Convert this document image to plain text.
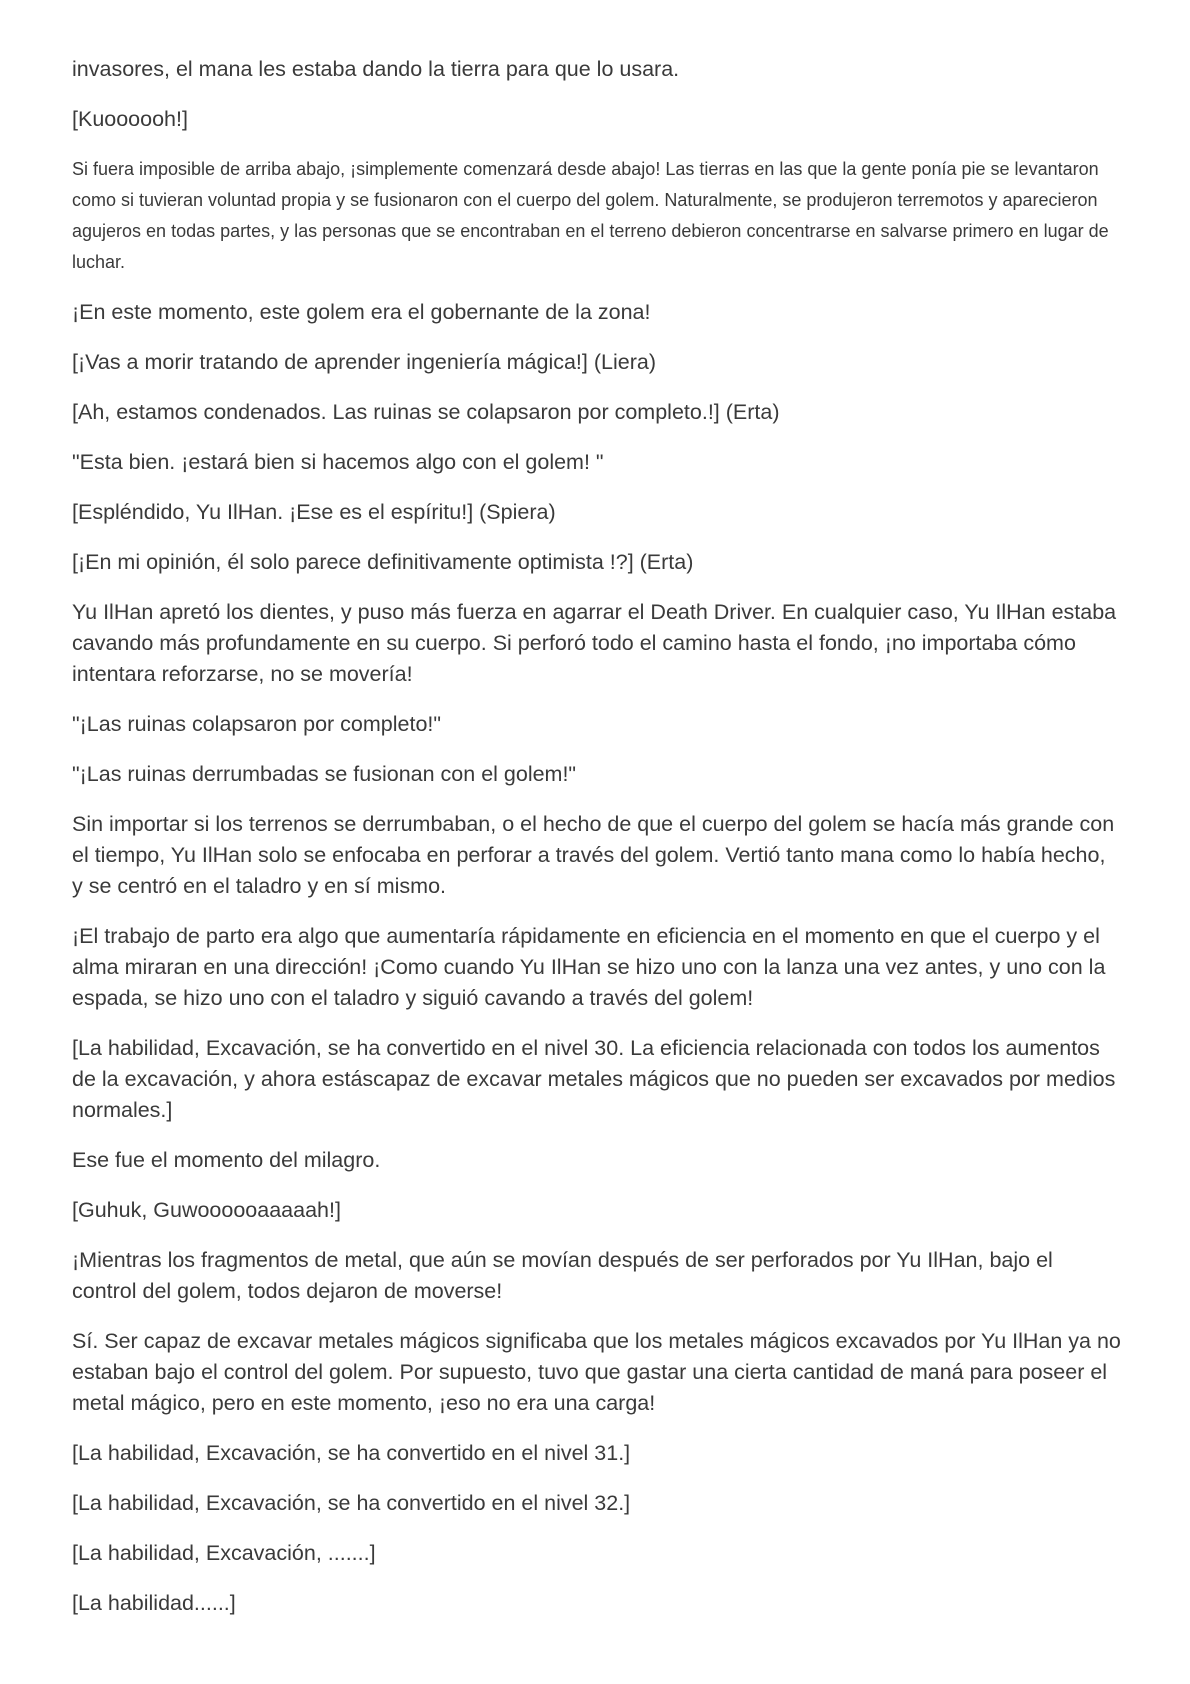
invasores, el mana les estaba dando la tierra para que lo usara.

[Kuoooooh!]

Si fuera imposible de arriba abajo, ¡simplemente comenzará desde abajo! Las tierras en las que la gente ponía pie se levantaron como si tuvieran voluntad propia y se fusionaron con el cuerpo del golem. Naturalmente, se produjeron terremotos y aparecieron agujeros en todas partes, y las personas que se encontraban en el terreno debieron concentrarse en salvarse primero en lugar de luchar.

¡En este momento, este golem era el gobernante de la zona!

[¡Vas a morir tratando de aprender ingeniería mágica!] (Liera)

[Ah, estamos condenados. Las ruinas se colapsaron por completo.!] (Erta)

"Esta bien. ¡estará bien si hacemos algo con el golem! "

[Espléndido, Yu IlHan. ¡Ese es el espíritu!] (Spiera)

[¡En mi opinión, él solo parece definitivamente optimista !?] (Erta)

Yu IlHan apretó los dientes, y puso más fuerza en agarrar el Death Driver. En cualquier caso, Yu IlHan estaba cavando más profundamente en su cuerpo. Si perforó todo el camino hasta el fondo, ¡no importaba cómo intentara reforzarse, no se movería!

"¡Las ruinas colapsaron por completo!"

"¡Las ruinas derrumbadas se fusionan con el golem!"

Sin importar si los terrenos se derrumbaban, o el hecho de que el cuerpo del golem se hacía más grande con el tiempo, Yu IlHan solo se enfocaba en perforar a través del golem. Vertió tanto mana como lo había hecho, y se centró en el taladro y en sí mismo.

¡El trabajo de parto era algo que aumentaría rápidamente en eficiencia en el momento en que el cuerpo y el alma miraran en una dirección! ¡Como cuando Yu IlHan se hizo uno con la lanza una vez antes, y uno con la espada, se hizo uno con el taladro y siguió cavando a través del golem!

[La habilidad, Excavación, se ha convertido en el nivel 30. La eficiencia relacionada con todos los aumentos de la excavación, y ahora estáscapaz de excavar metales mágicos que no pueden ser excavados por medios normales.]

Ese fue el momento del milagro.

[Guhuk, Guwoooooaaaaah!]

¡Mientras los fragmentos de metal, que aún se movían después de ser perforados por Yu IlHan, bajo el control del golem, todos dejaron de moverse!

Sí. Ser capaz de excavar metales mágicos significaba que los metales mágicos excavados por Yu IlHan ya no estaban bajo el control del golem. Por supuesto, tuvo que gastar una cierta cantidad de maná para poseer el metal mágico, pero en este momento, ¡eso no era una carga!

[La habilidad, Excavación, se ha convertido en el nivel 31.]

[La habilidad, Excavación, se ha convertido en el nivel 32.]

[La habilidad, Excavación, .......]

[La habilidad......]
